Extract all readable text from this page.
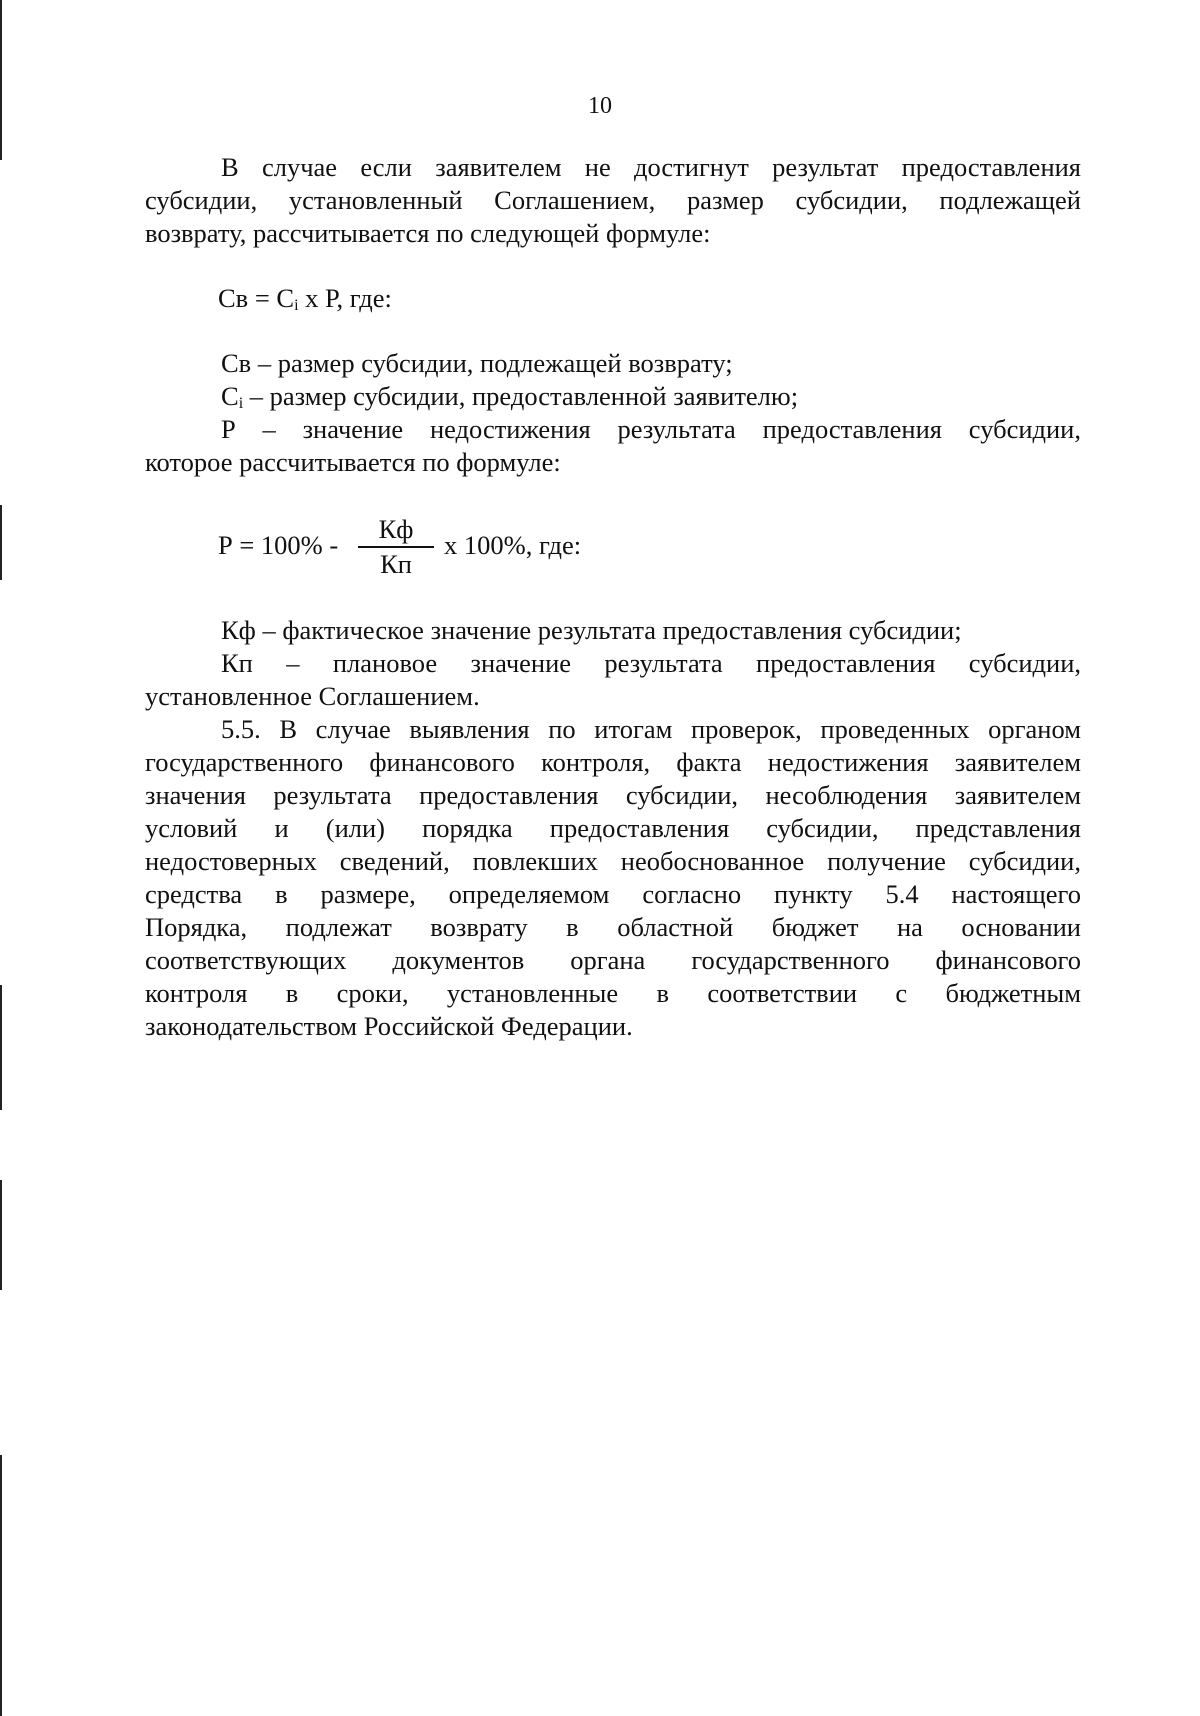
10
В случае если заявителем не достигнут результат предоставления
субсидии, установленный Соглашением, размер субсидии, подлежащей
возврату, рассчитывается по следующей формуле:
Св = $С_i$ х Р, где:
Св – размер субсидии, подлежащей возврату;
$С_i$ – размер субсидии, предоставленной заявителю;
Р – значение недостижения результата предоставления субсидии,
которое рассчитывается по формуле:
Р = 100% -
Кф
Кп
х 100%, где:
Кф – фактическое значение результата предоставления субсидии;
Кп – плановое значение результата предоставления субсидии,
установленное Соглашением.
5.5. В случае выявления по итогам проверок, проведенных органом
государственного финансового контроля, факта недостижения заявителем
значения результата предоставления субсидии, несоблюдения заявителем
условий и (или) порядка предоставления субсидии, представления
недостоверных сведений, повлекших необоснованное получение субсидии,
средства в размере, определяемом согласно пункту 5.4 настоящего
Порядка, подлежат возврату в областной бюджет на основании
соответствующих документов органа государственного финансового
контроля в сроки, установленные в соответствии с бюджетным
законодательством Российской Федерации.
